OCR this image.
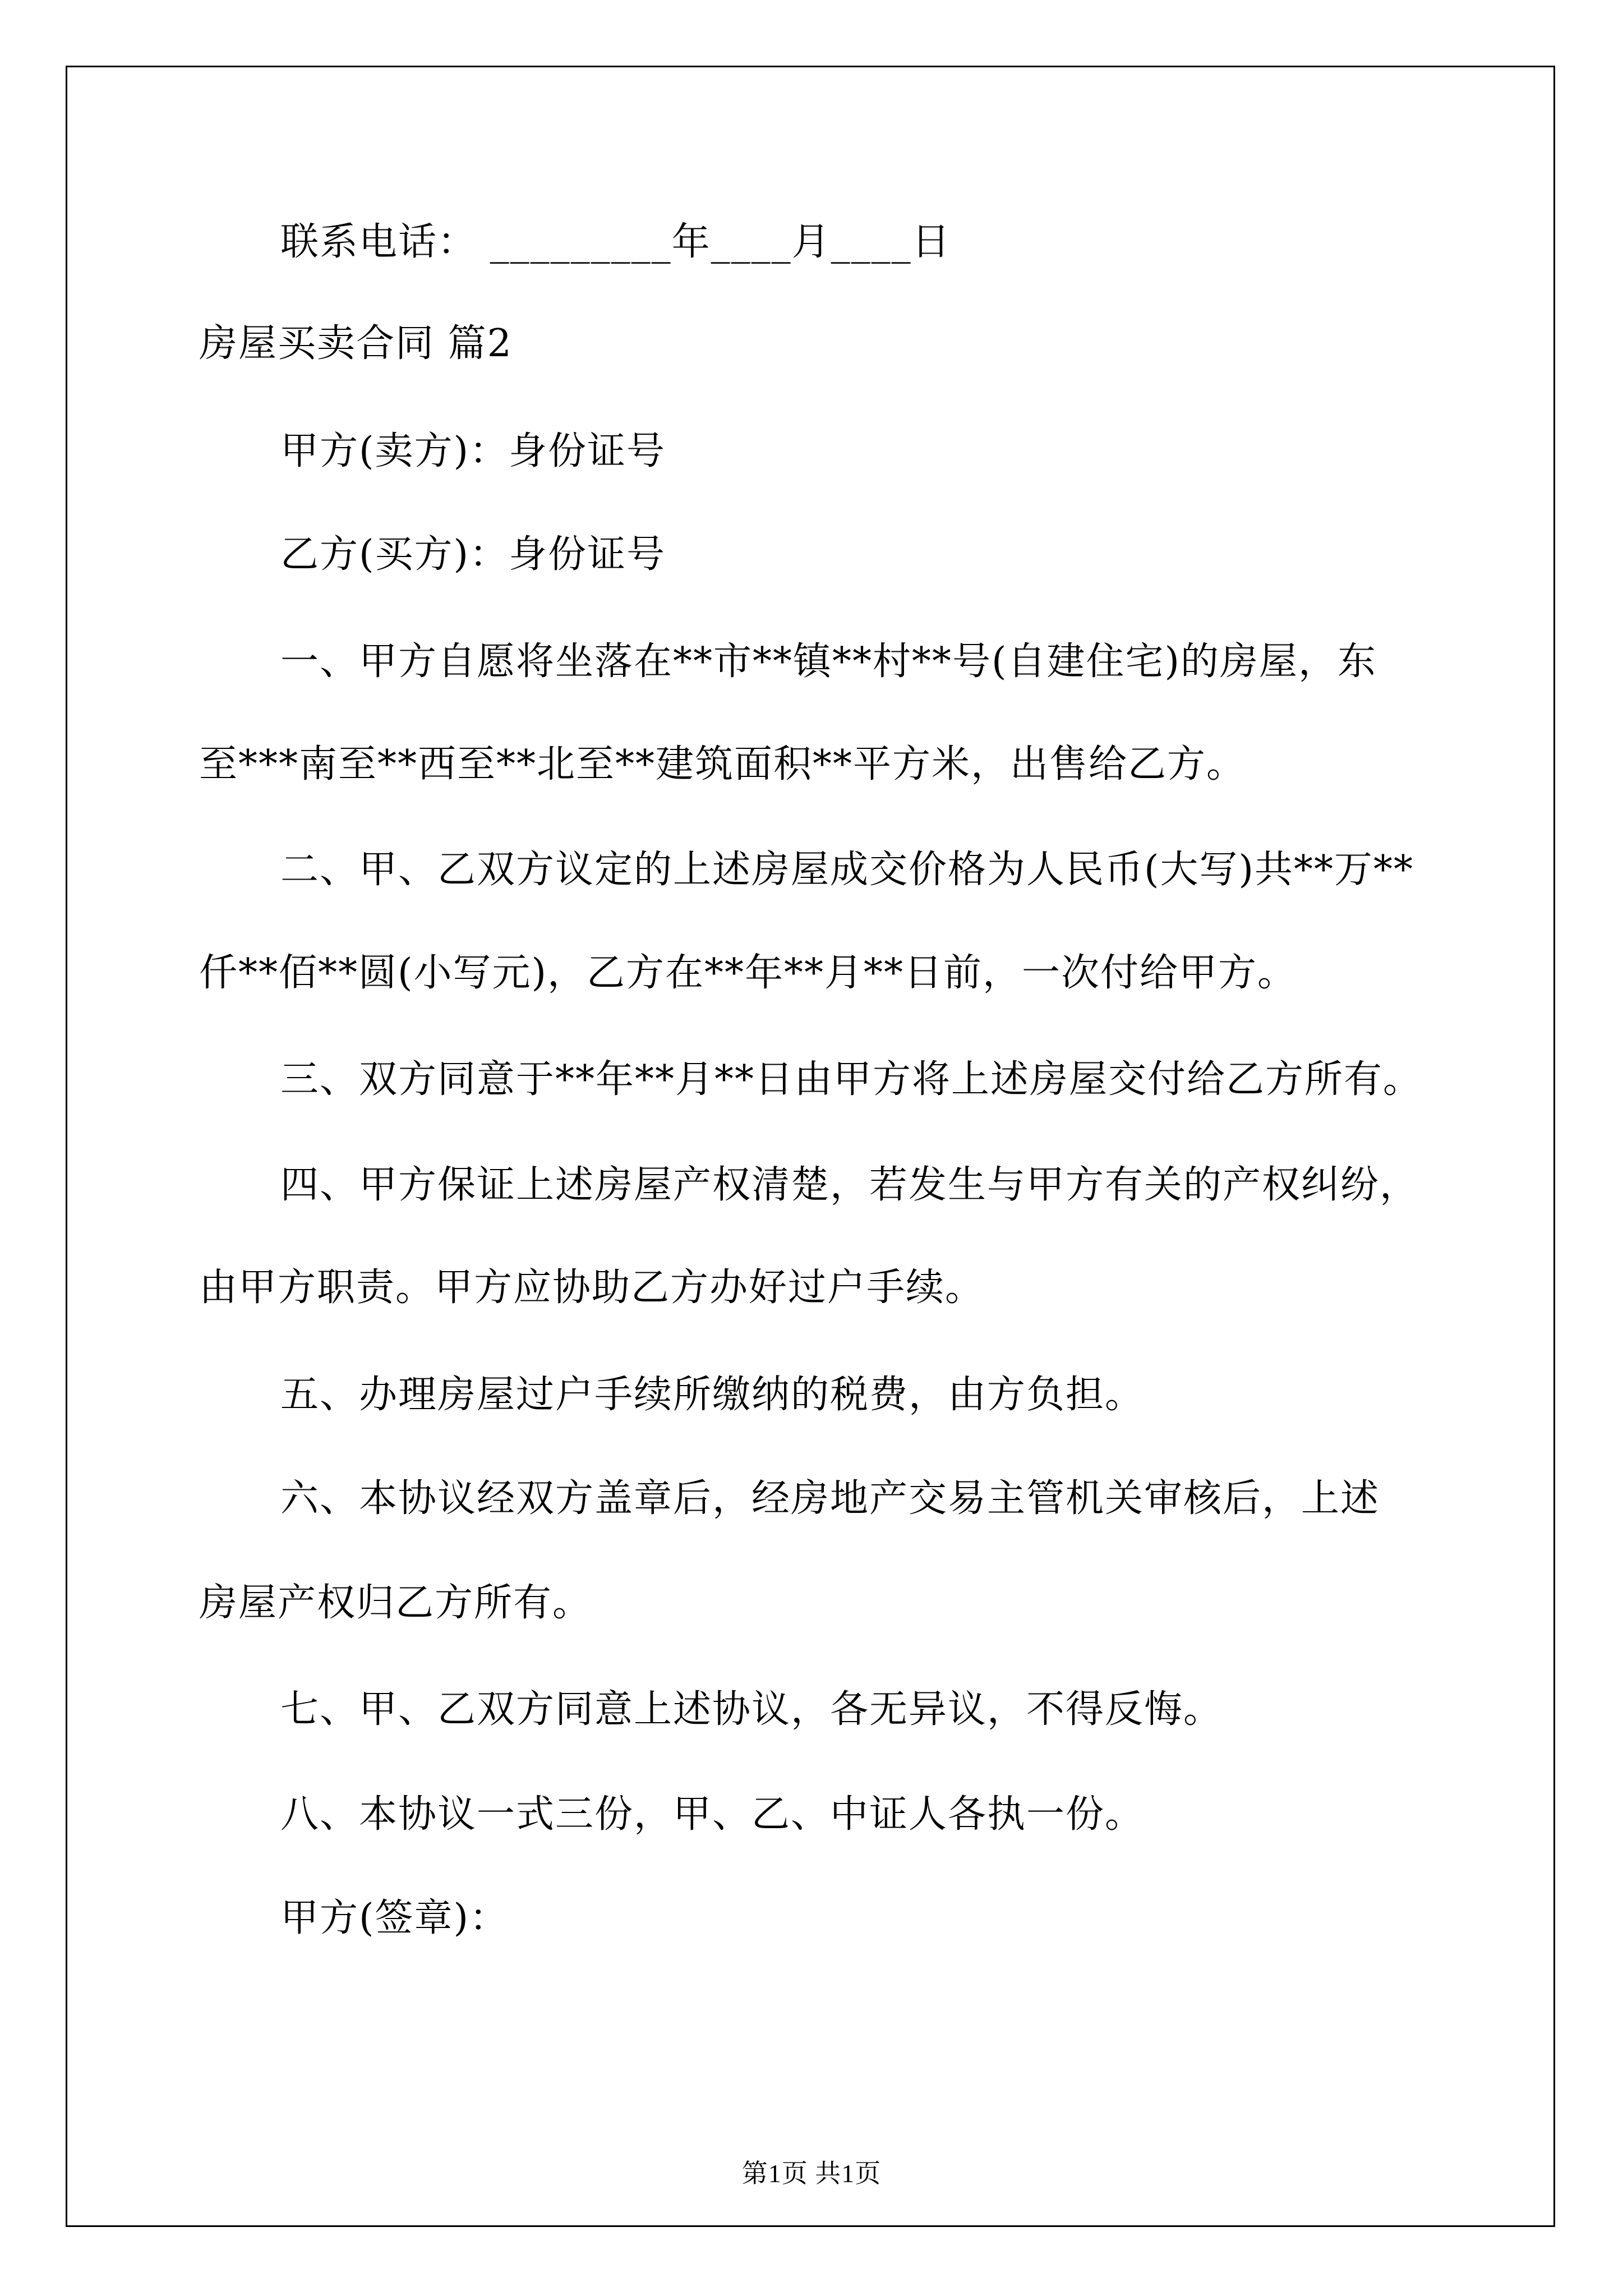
联系电话： _________年____月____日
房屋买卖合同 篇2
甲方(卖方)：身份证号
乙方(买方)：身份证号
一、甲方自愿将坐落在**市**镇**村**号(自建住宅)的房屋，东
至***南至**西至**北至**建筑面积**平方米，出售给乙方。
二、甲、乙双方议定的上述房屋成交价格为人民币(大写)共**万**
仟**佰**圆(小写元)，乙方在**年**月**日前，一次付给甲方。
三、双方同意于**年**月**日由甲方将上述房屋交付给乙方所有。
四、甲方保证上述房屋产权清楚，若发生与甲方有关的产权纠纷，
由甲方职责。甲方应协助乙方办好过户手续。
五、办理房屋过户手续所缴纳的税费，由方负担。
六、本协议经双方盖章后，经房地产交易主管机关审核后，上述
房屋产权归乙方所有。
七、甲、乙双方同意上述协议，各无异议，不得反悔。
八、本协议一式三份，甲、乙、中证人各执一份。
甲方(签章)：
第1页 共1页
